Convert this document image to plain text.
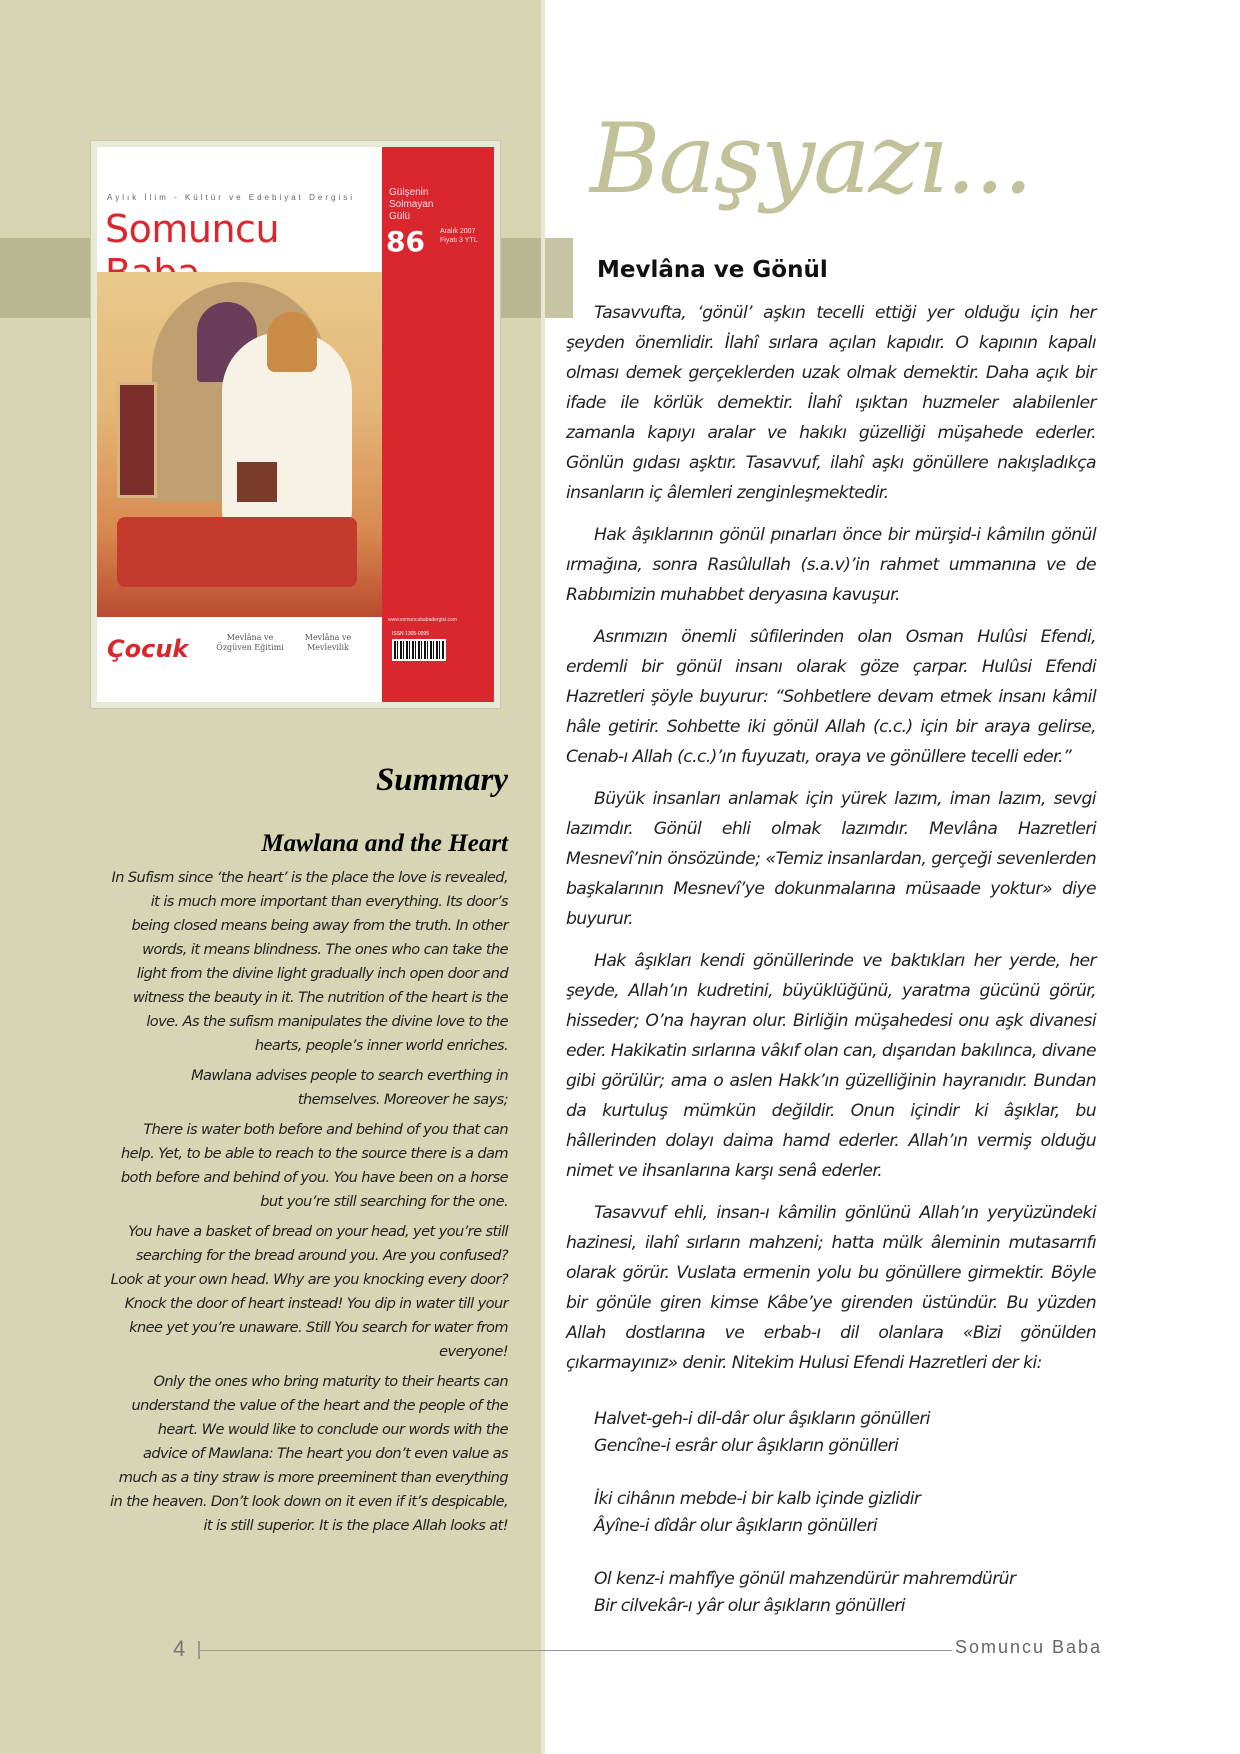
Aylık İlim - Kültür ve Edebiyat Dergisi
Somuncu
Gülşenin Solmayan Gülü
86 Aralık 2007 Fiyatı 3 YTL
www.somuncubabadergisi.com
ISSN 1305-0095
Çocuk	Mevlâna ve Özgüven Eğitimi
Mevlâna ve Mevlevilik
Summary
Mawlana and the Heart

In Sufism since ‘the heart’ is the place the love is revealed, it is much more important than everything. Its door’s being closed means being away from the truth. In other words, it means blindness. The ones who can take the light from the divine light gradually inch open door and witness the beauty in it. The nutrition of the heart is the love. As the sufism manipulates the divine love to the hearts, people’s inner world enriches.

Mawlana advises people to search everthing in themselves. Moreover he says;

There is water both before and behind of you that can help. Yet, to be able to reach to the source there is a dam both before and behind of you. You have been on a horse but you’re still searching for the one.

You have a basket of bread on your head, yet you’re still searching for the bread around you. Are you confused? Look at your own head. Why are you knocking every door? Knock the door of heart instead! You dip in water till your knee yet you’re unaware. Still You search for water from everyone!

Only the ones who bring maturity to their hearts can understand the value of the heart and the people of the heart. We would like to conclude our words with the advice of Mawlana: The heart you don’t even value as much as a tiny straw is more preeminent than everything in the heaven. Don’t look down on it even if it’s despicable, it is still superior. It is the place Allah looks at!

Başyazı...
Mevlâna ve Gönül

Tasavvufta, ‘gönül’ aşkın tecelli ettiği yer olduğu için her şeyden önemlidir. İlahî sırlara açılan kapıdır. O kapının kapalı olması demek gerçeklerden uzak olmak demektir. Daha açık bir ifade ile körlük demektir. İlahî ışıktan huzmeler alabilenler zamanla kapıyı aralar ve hakıkı güzelliği müşahede ederler. Gönlün gıdası aşktır. Tasavvuf, ilahî aşkı gönüllere nakışladıkça insanların iç âlemleri zenginleşmektedir.

Hak âşıklarının gönül pınarları önce bir mürşid-i kâmilın gönül ırmağına, sonra Rasûlullah (s.a.v)’in rahmet ummanına ve de Rabbımizin muhabbet deryasına kavuşur.

Asrımızın önemli sûfilerinden olan Osman Hulûsi Efendi, erdemli bir gönül insanı olarak göze çarpar. Hulûsi Efendi Hazretleri şöyle buyurur: “Sohbetlere devam etmek insanı kâmil hâle getirir. Sohbette iki gönül Allah (c.c.) için bir araya gelirse, Cenab-ı Allah (c.c.)’ın fuyuzatı, oraya ve gönüllere tecelli eder.”

Büyük insanları anlamak için yürek lazım, iman lazım, sevgi lazımdır. Gönül ehli olmak lazımdır. Mevlâna Hazretleri Mesnevî’nin önsözünde; «Temiz insanlardan, gerçeği sevenlerden başkalarının Mesnevî’ye dokunmalarına müsaade yoktur» diye buyurur.

Hak âşıkları kendi gönüllerinde ve baktıkları her yerde, her şeyde, Allah’ın kudretini, büyüklüğünü, yaratma gücünü görür, hisseder; O’na hayran olur. Birliğin müşahedesi onu aşk divanesi eder. Hakikatin sırlarına vâkıf olan can, dışarıdan bakılınca, divane gibi görülür; ama o aslen Hakk’ın güzelliğinin hayranıdır. Bundan da kurtuluş mümkün değildir. Onun içindir ki âşıklar, bu hâllerinden dolayı daima hamd ederler. Allah’ın vermiş olduğu nimet ve ihsanlarına karşı senâ ederler.

Tasavvuf ehli, insan-ı kâmilin gönlünü Allah’ın yeryüzündeki hazinesi, ilahî sırların mahzeni; hatta mülk âleminin mutasarrıfı olarak görür. Vuslata ermenin yolu bu gönüllere girmektir. Böyle bir gönüle giren kimse Kâbe’ye girenden üstündür. Bu yüzden Allah dostlarına ve erbab-ı dil olanlara «Bizi gönülden çıkarmayınız» denir. Nitekim Hulusi Efendi Hazretleri der ki:

Halvet-geh-i dil-dâr olur âşıkların gönülleri
Gencîne-i esrâr olur âşıkların gönülleri
İki cihânın mebde-i bir kalb içinde gizlidir
Âyîne-i dîdâr olur âşıkların gönülleri
Ol kenz-i mahfîye gönül mahzendürür mahremdürür
Bir cilvekâr-ı yâr olur âşıkların gönülleri
4	Somuncu Baba
